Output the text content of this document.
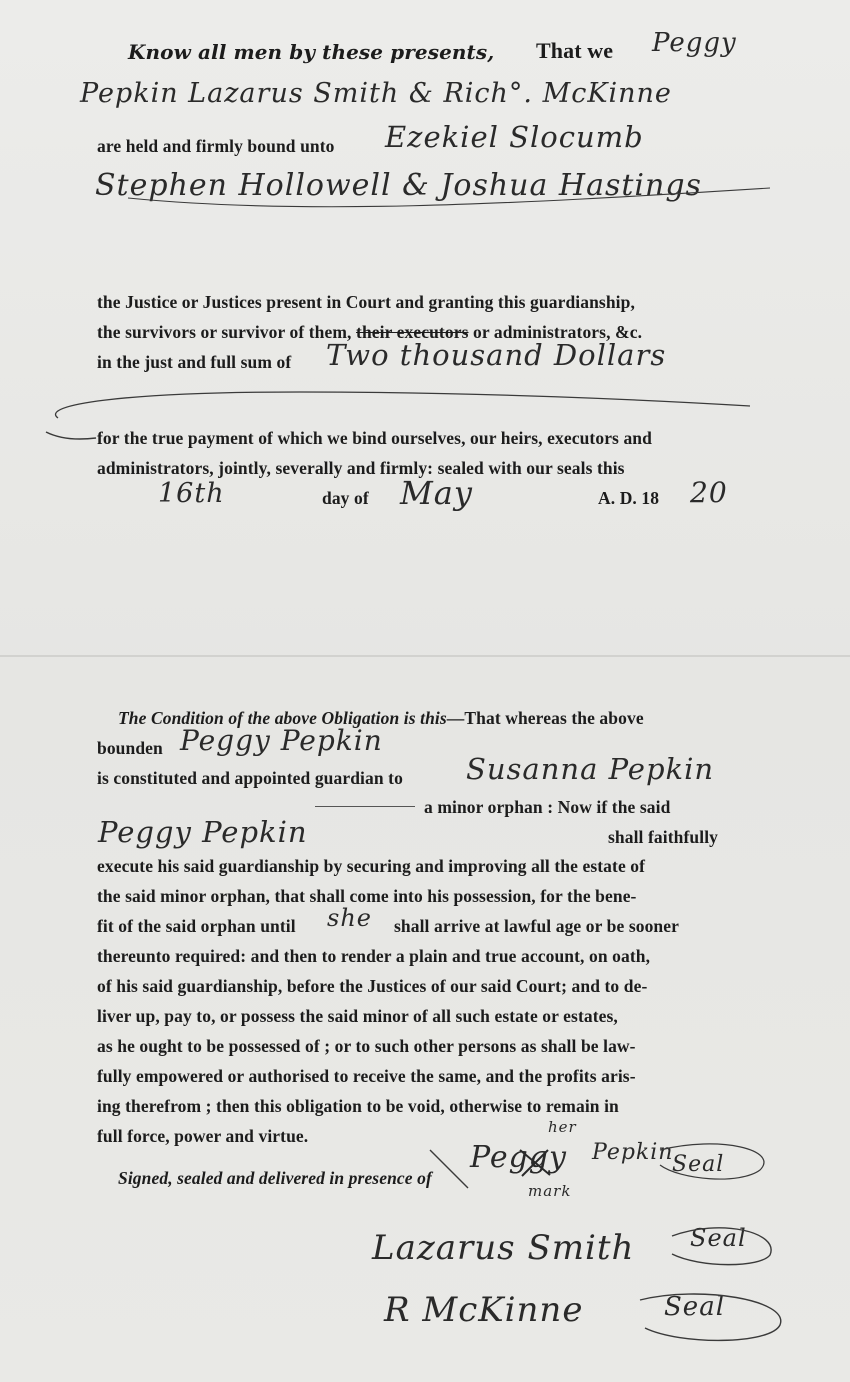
Know all men by these presents, That we Peggy
Pepkin Lazarus Smith & Rich°. McKinne
are held and firmly bound unto Ezekiel Slocumb
Stephen Hollowell & Joshua Hastings
the Justice or Justices present in Court and granting this guardianship,
the survivors or survivor of them, their executors or administrators, &c.
in the just and full sum of Two thousand Dollars
for the true payment of which we bind ourselves, our heirs, executors and
administrators, jointly, severally and firmly: sealed with our seals this
16th	day of May	A. D. 18 20
The Condition of the above Obligation is this—That whereas the above
bounden Peggy Pepkin
is constituted and appointed guardian to Susanna Pepkin
a minor orphan : Now if the said
Peggy Pepkin	shall faithfully
execute his said guardianship by securing and improving all the estate of
the said minor orphan, that shall come into his possession, for the bene-
fit of the said orphan until she shall arrive at lawful age or be sooner
thereunto required: and then to render a plain and true account, on oath,
of his said guardianship, before the Justices of our said Court; and to de-
liver up, pay to, or possess the said minor of all such estate or estates,
as he ought to be possessed of ; or to such other persons as shall be law-
fully empowered or authorised to receive the same, and the profits aris-
ing therefrom ; then this obligation to be void, otherwise to remain in
full force, power and virtue.
Signed, sealed and delivered in presence of
Peggy
her
mark
Pepkin
Seal
Lazarus Smith Seal
R McKinne	Seal
